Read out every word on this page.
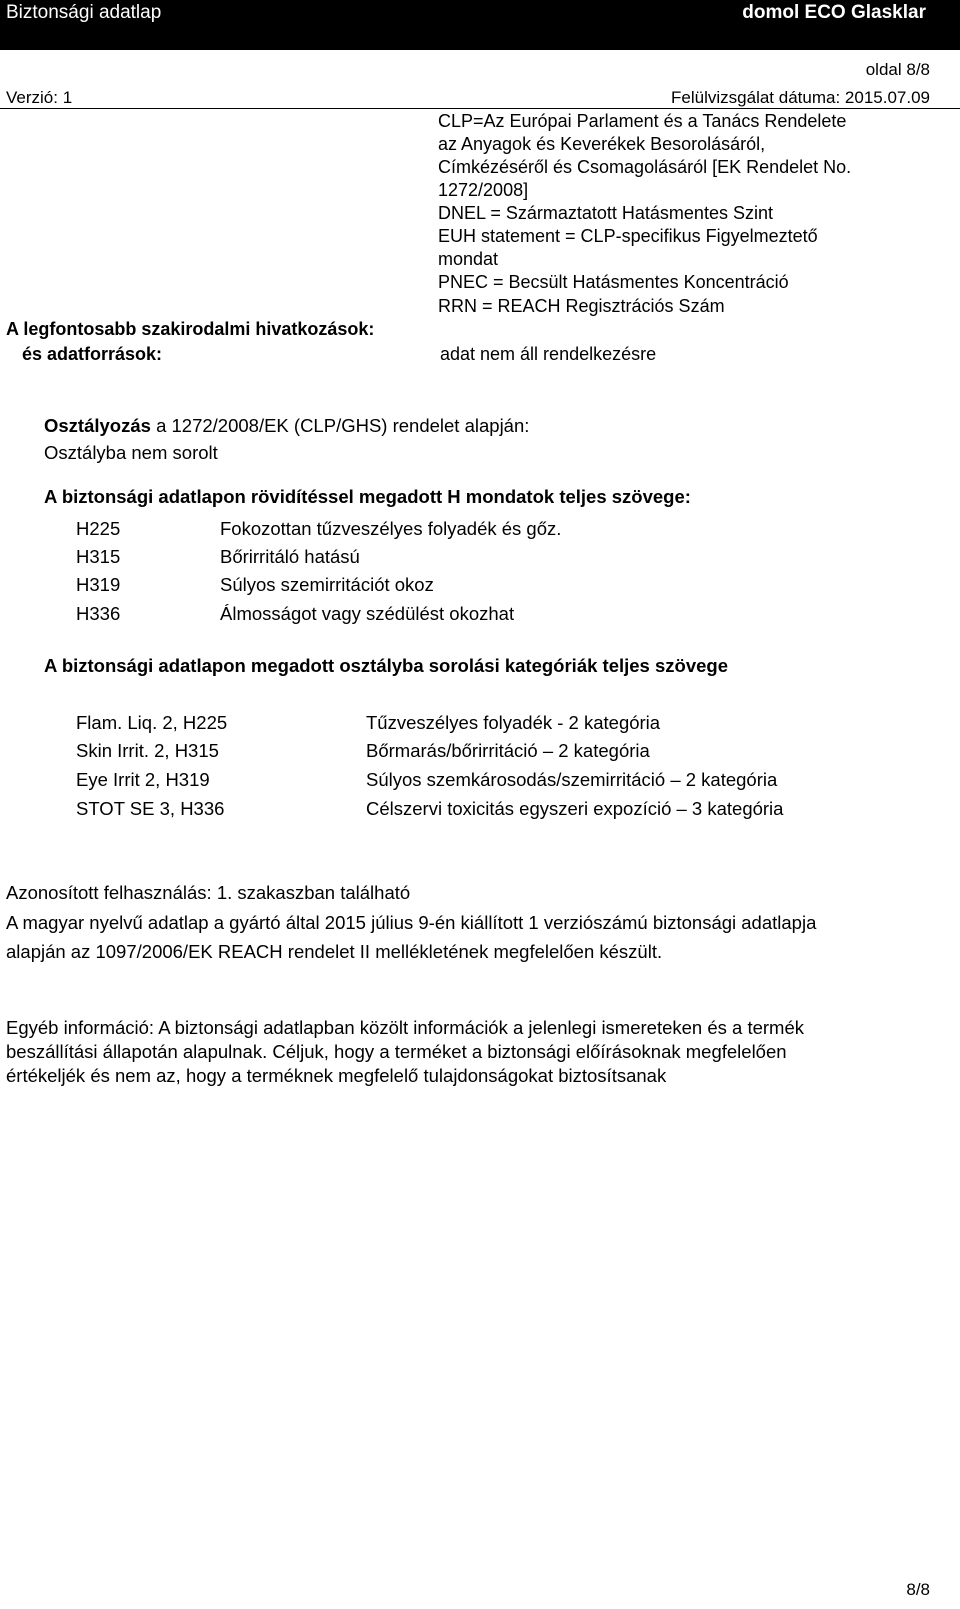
Biztonsági adatlap	domol ECO Glasklar
oldal 8/8
Verzió: 1	Felülvizsgálat dátuma: 2015.07.09
CLP=Az Európai Parlament és a Tanács Rendelete
az Anyagok és Keverékek Besorolásáról,
Címkézéséről és Csomagolásáról [EK Rendelet No.
1272/2008]
DNEL = Származtatott Hatásmentes Szint
EUH statement = CLP-specifikus Figyelmeztető
mondat
PNEC = Becsült Hatásmentes Koncentráció
RRN = REACH Regisztrációs Szám
A legfontosabb szakirodalmi hivatkozások:
és adatforrások:	adat nem áll rendelkezésre
Osztályozás a 1272/2008/EK (CLP/GHS) rendelet alapján:
Osztályba nem sorolt
A biztonsági adatlapon rövidítéssel megadott H mondatok teljes szövege:
H225	Fokozottan tűzveszélyes folyadék és gőz.
H315	Bőrirritáló hatású
H319	Súlyos szemirritációt okoz
H336	Álmosságot vagy szédülést okozhat
A biztonsági adatlapon megadott osztályba sorolási kategóriák teljes szövege
Flam. Liq. 2, H225	Tűzveszélyes folyadék - 2 kategória
Skin Irrit. 2, H315	Bőrmarás/bőrirritáció – 2 kategória
Eye Irrit 2, H319	Súlyos szemkárosodás/szemirritáció – 2 kategória
STOT SE 3, H336	Célszervi toxicitás egyszeri expozíció – 3 kategória
Azonosított felhasználás: 1. szakaszban található
A magyar nyelvű adatlap a gyártó által 2015 július 9-én kiállított 1 verziószámú biztonsági adatlapja
alapján az 1097/2006/EK REACH rendelet II mellékletének megfelelően készült.
Egyéb információ: A biztonsági adatlapban közölt információk a jelenlegi ismereteken és a termék
beszállítási állapotán alapulnak. Céljuk, hogy a terméket a biztonsági előírásoknak megfelelően
értékeljék és nem az, hogy a terméknek megfelelő tulajdonságokat biztosítsanak
8/8
